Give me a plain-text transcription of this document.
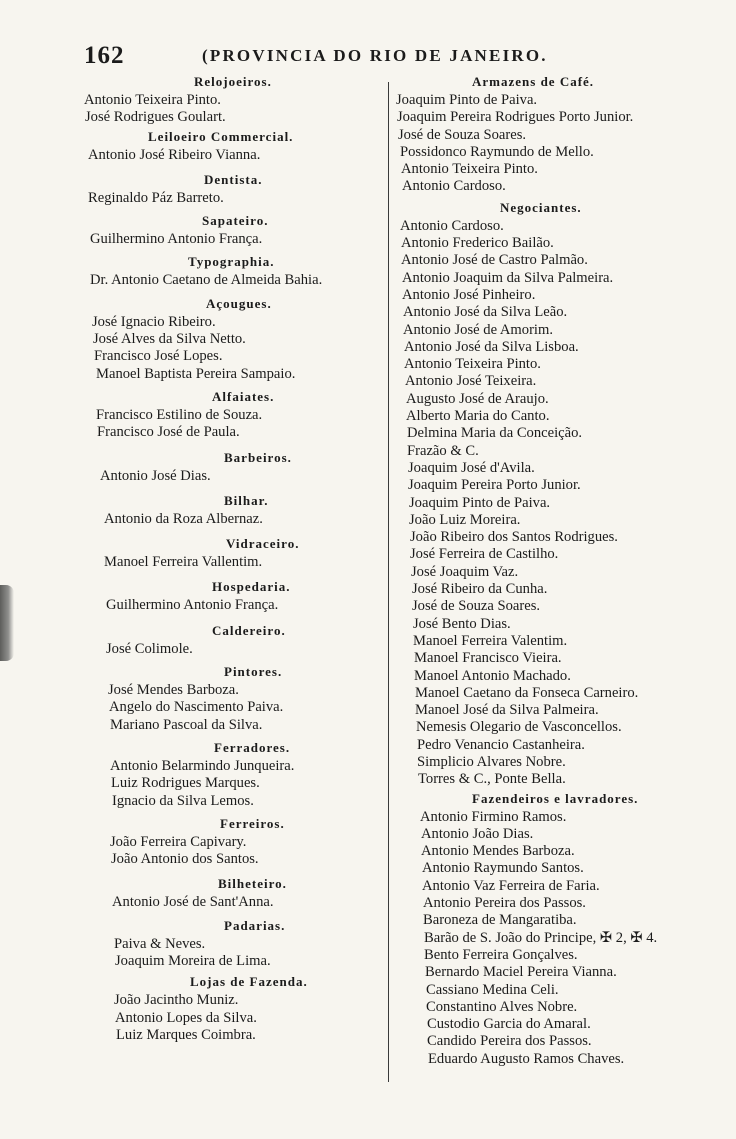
162	(PROVINCIA DO RIO DE JANEIRO.
Relojoeiros.
Antonio Teixeira Pinto.
José Rodrigues Goulart.
Leiloeiro Commercial.
Antonio José Ribeiro Vianna.
Dentista.
Reginaldo Páz Barreto.
Sapateiro.
Guilhermino Antonio França.
Typographia.
Dr. Antonio Caetano de Almeida Bahia.
Açougues.
José Ignacio Ribeiro.
José Alves da Silva Netto.
Francisco José Lopes.
Manoel Baptista Pereira Sampaio.
Alfaiates.
Francisco Estilino de Souza.
Francisco José de Paula.
Barbeiros.
Antonio José Dias.
Bilhar.
Antonio da Roza Albernaz.
Vidraceiro.
Manoel Ferreira Vallentim.
Hospedaria.
Guilhermino Antonio França.
Caldereiro.
José Colimole.
Pintores.
José Mendes Barboza.
Angelo do Nascimento Paiva.
Mariano Pascoal da Silva.
Ferradores.
Antonio Belarmindo Junqueira.
Luiz Rodrigues Marques.
Ignacio da Silva Lemos.
Ferreiros.
João Ferreira Capivary.
João Antonio dos Santos.
Bilheteiro.
Antonio José de Sant'Anna.
Padarias.
Paiva & Neves.
Joaquim Moreira de Lima.
Lojas de Fazenda.
João Jacintho Muniz.
Antonio Lopes da Silva.
Luiz Marques Coimbra.
Armazens de Café.
Joaquim Pinto de Paiva.
Joaquim Pereira Rodrigues Porto Junior.
José de Souza Soares.
Possidonco Raymundo de Mello.
Antonio Teixeira Pinto.
Antonio Cardoso.
Negociantes.
Antonio Cardoso.
Antonio Frederico Bailão.
Antonio José de Castro Palmão.
Antonio Joaquim da Silva Palmeira.
Antonio José Pinheiro.
Antonio José da Silva Leão.
Antonio José de Amorim.
Antonio José da Silva Lisboa.
Antonio Teixeira Pinto.
Antonio José Teixeira.
Augusto José de Araujo.
Alberto Maria do Canto.
Delmina Maria da Conceição.
Frazão & C.
Joaquim José d'Avila.
Joaquim Pereira Porto Junior.
Joaquim Pinto de Paiva.
João Luiz Moreira.
João Ribeiro dos Santos Rodrigues.
José Ferreira de Castilho.
José Joaquim Vaz.
José Ribeiro da Cunha.
José de Souza Soares.
José Bento Dias.
Manoel Ferreira Valentim.
Manoel Francisco Vieira.
Manoel Antonio Machado.
Manoel Caetano da Fonseca Carneiro.
Manoel José da Silva Palmeira.
Nemesis Olegario de Vasconcellos.
Pedro Venancio Castanheira.
Simplicio Alvares Nobre.
Torres & C., Ponte Bella.
Fazendeiros e lavradores.
Antonio Firmino Ramos.
Antonio João Dias.
Antonio Mendes Barboza.
Antonio Raymundo Santos.
Antonio Vaz Ferreira de Faria.
Antonio Pereira dos Passos.
Baroneza de Mangaratiba.
Barão de S. João do Principe, ✠ 2, ✠ 4.
Bento Ferreira Gonçalves.
Bernardo Maciel Pereira Vianna.
Cassiano Medina Celi.
Constantino Alves Nobre.
Custodio Garcia do Amaral.
Candido Pereira dos Passos.
Eduardo Augusto Ramos Chaves.
